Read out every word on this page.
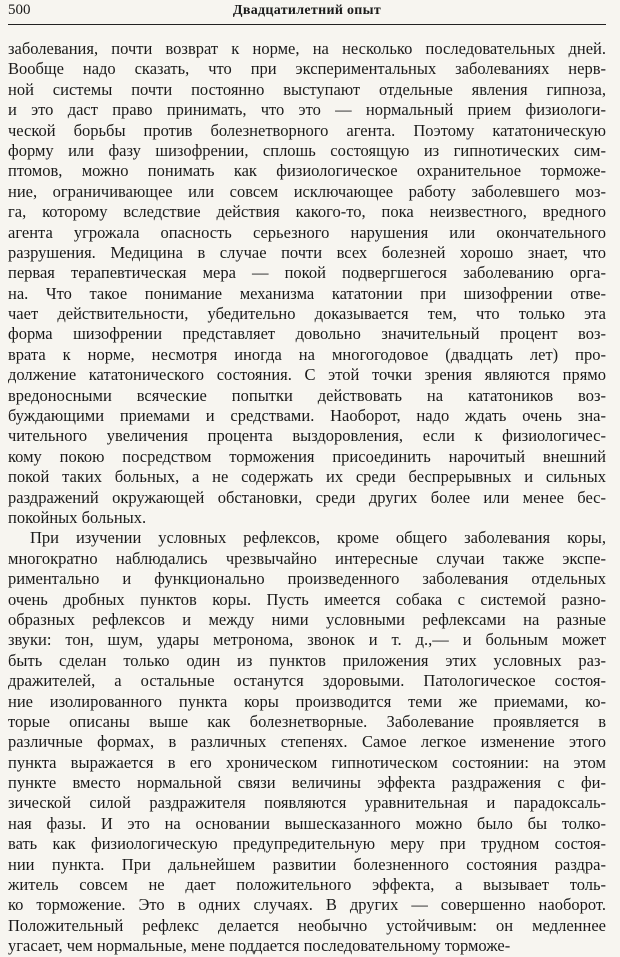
500	Двадцатилетний опыт
заболевания, почти возврат к норме, на несколько последовательных дней.
Вообще надо сказать, что при экспериментальных заболеваниях нерв-
ной системы почти постоянно выступают отдельные явления гипноза,
и это даст право принимать, что это — нормальный прием физиологи-
ческой борьбы против болезнетворного агента. Поэтому кататоническую
форму или фазу шизофрении, сплошь состоящую из гипнотических сим-
птомов, можно понимать как физиологическое охранительное торможе-
ние, ограничивающее или совсем исключающее работу заболевшего моз-
га, которому вследствие действия какого-то, пока неизвестного, вредного
агента угрожала опасность серьезного нарушения или окончательного
разрушения. Медицина в случае почти всех болезней хорошо знает, что
первая терапевтическая мера — покой подвергшегося заболеванию орга-
на. Что такое понимание механизма кататонии при шизофрении отве-
чает действительности, убедительно доказывается тем, что только эта
форма шизофрении представляет довольно значительный процент воз-
врата к норме, несмотря иногда на многогодовое (двадцать лет) про-
должение кататонического состояния. С этой точки зрения являются прямо
вредоносными всяческие попытки действовать на кататоников воз-
буждающими приемами и средствами. Наоборот, надо ждать очень зна-
чительного увеличения процента выздоровления, если к физиологичес-
кому покою посредством торможения присоединить нарочитый внешний
покой таких больных, а не содержать их среди беспрерывных и сильных
раздражений окружающей обстановки, среди других более или менее бес-
покойных больных.
При изучении условных рефлексов, кроме общего заболевания коры,
многократно наблюдались чрезвычайно интересные случаи также экспе-
риментально и функционально произведенного заболевания отдельных
очень дробных пунктов коры. Пусть имеется собака с системой разно-
образных рефлексов и между ними условными рефлексами на разные
звуки: тон, шум, удары метронома, звонок и т. д.,— и больным может
быть сделан только один из пунктов приложения этих условных раз-
дражителей, а остальные останутся здоровыми. Патологическое состоя-
ние изолированного пункта коры производится теми же приемами, ко-
торые описаны выше как болезнетворные. Заболевание проявляется в
различные формах, в различных степенях. Самое легкое изменение этого
пункта выражается в его хроническом гипнотическом состоянии: на этом
пункте вместо нормальной связи величины эффекта раздражения с фи-
зической силой раздражителя появляются уравнительная и парадоксаль-
ная фазы. И это на основании вышесказанного можно было бы толко-
вать как физиологическую предупредительную меру при трудном состоя-
нии пункта. При дальнейшем развитии болезненного состояния раздра-
житель совсем не дает положительного эффекта, а вызывает толь-
ко торможение. Это в одних случаях. В других — совершенно наоборот.
Положительный рефлекс делается необычно устойчивым: он медленнее
угасает, чем нормальные, мене поддается последовательному торможе-
